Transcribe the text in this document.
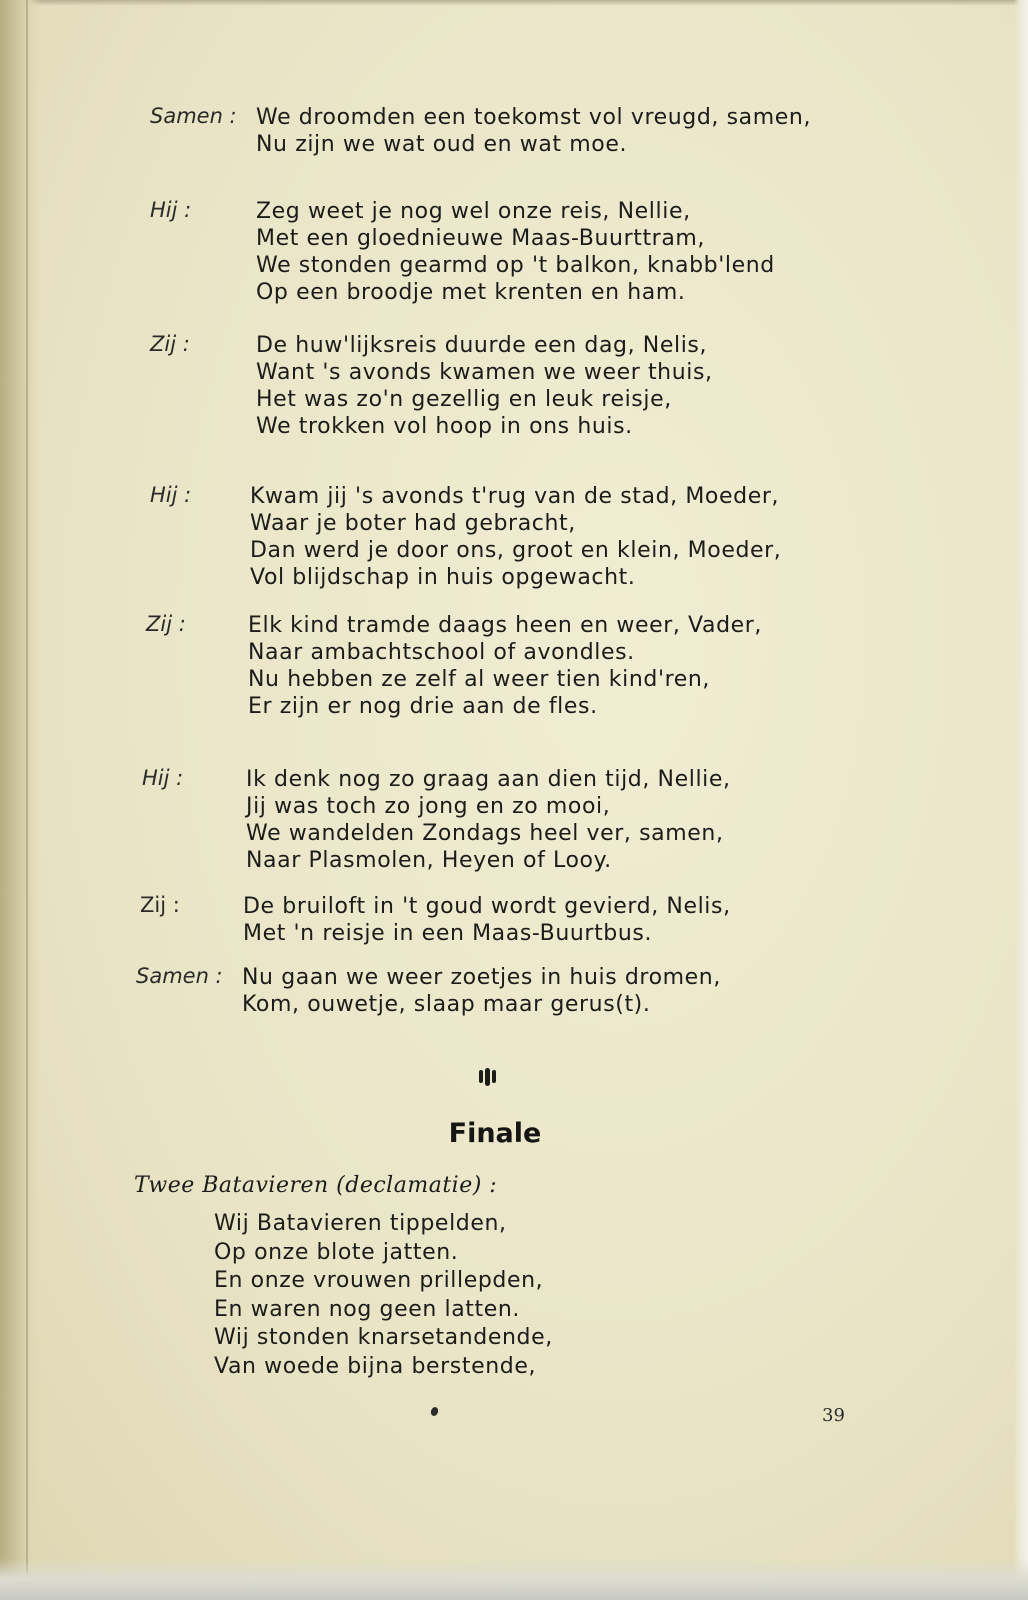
Samen : We droomden een toekomst vol vreugd, samen,
Nu zijn we wat oud en wat moe.
Hij :	Zeg weet je nog wel onze reis, Nellie,
Met een gloednieuwe Maas-Buurttram,
We stonden gearmd op 't balkon, knabb'lend
Op een broodje met krenten en ham.
Zij :	De huw'lijksreis duurde een dag, Nelis,
Want 's avonds kwamen we weer thuis,
Het was zo'n gezellig en leuk reisje,
We trokken vol hoop in ons huis.
Hij :	Kwam jij 's avonds t'rug van de stad, Moeder,
Waar je boter had gebracht,
Dan werd je door ons, groot en klein, Moeder,
Vol blijdschap in huis opgewacht.
Zij :	Elk kind tramde daags heen en weer, Vader,
Naar ambachtschool of avondles.
Nu hebben ze zelf al weer tien kind'ren,
Er zijn er nog drie aan de fles.
Hij :	Ik denk nog zo graag aan dien tijd, Nellie,
Jij was toch zo jong en zo mooi,
We wandelden Zondags heel ver, samen,
Naar Plasmolen, Heyen of Looy.
Zij :	De bruiloft in 't goud wordt gevierd, Nelis,
Met 'n reisje in een Maas-Buurtbus.
Samen : Nu gaan we weer zoetjes in huis dromen,
Kom, ouwetje, slaap maar gerus(t).
Finale
Twee Batavieren (declamatie) :
Wij Batavieren tippelden,
Op onze blote jatten.
En onze vrouwen prillepden,
En waren nog geen latten.
Wij stonden knarsetandende,
Van woede bijna berstende,
39
